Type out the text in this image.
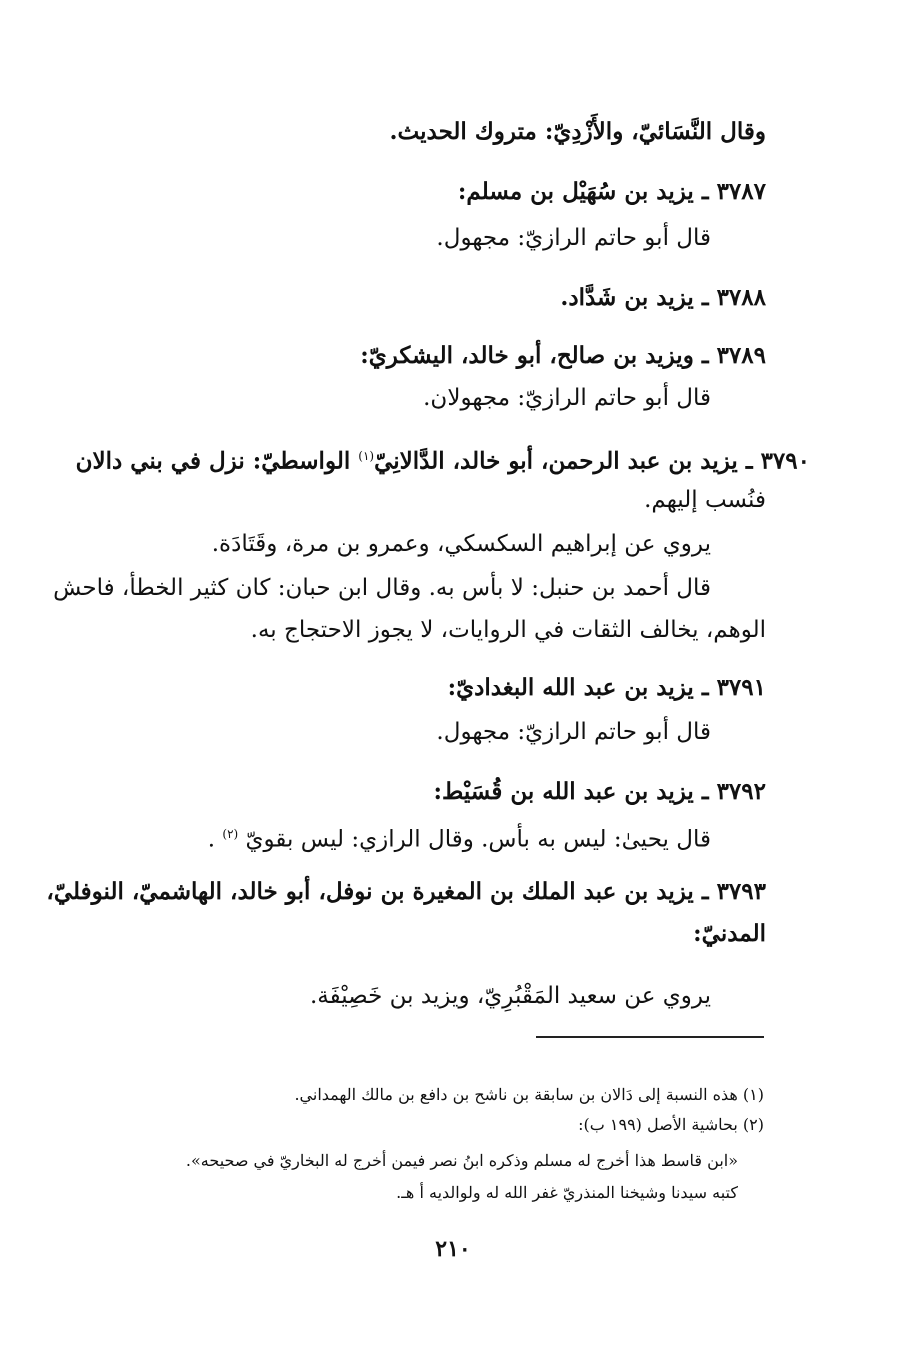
وقال النَّسَائيّ، والأَزْدِيّ: متروك الحديث.
٣٧٨٧ ـ يزيد بن سُهَيْل بن مسلم:
قال أبو حاتم الرازيّ: مجهول.
٣٧٨٨ ـ يزيد بن شَدَّاد.
٣٧٨٩ ـ ويزيد بن صالح، أبو خالد، اليشكريّ:
قال أبو حاتم الرازيّ: مجهولان.
٣٧٩٠ ـ يزيد بن عبد الرحمن، أبو خالد، الدَّالانِيّ$^{(١)}$ الواسطيّ: نزل في بني دالان
فنُسب إليهم.
يروي عن إبراهيم السكسكي، وعمرو بن مرة، وقَتَادَة.
قال أحمد بن حنبل: لا بأس به. وقال ابن حبان: كان كثير الخطأ، فاحش
الوهم، يخالف الثقات في الروايات، لا يجوز الاحتجاج به.
٣٧٩١ ـ يزيد بن عبد الله البغداديّ:
قال أبو حاتم الرازيّ: مجهول.
٣٧٩٢ ـ يزيد بن عبد الله بن قُسَيْط:
قال يحيىٰ: ليس به بأس. وقال الرازي: ليس بقويّ $^{(٢)}$ .
٣٧٩٣ ـ يزيد بن عبد الملك بن المغيرة بن نوفل، أبو خالد، الهاشميّ، النوفليّ،
المدنيّ:
يروي عن سعيد المَقْبُرِيّ، ويزيد بن خَصِيْفَة.
(١) هذه النسبة إلى دَالان بن سابقة بن ناشح بن دافع بن مالك الهمداني.
(٢) بحاشية الأصل (١٩٩ ب):
«ابن قاسط هذا أخرج له مسلم وذكره ابنُ نصر فيمن أخرج له البخاريّ في صحيحه».
كتبه سيدنا وشيخنا المنذريّ غفر الله له ولوالديه أ هـ.
٢١٠
